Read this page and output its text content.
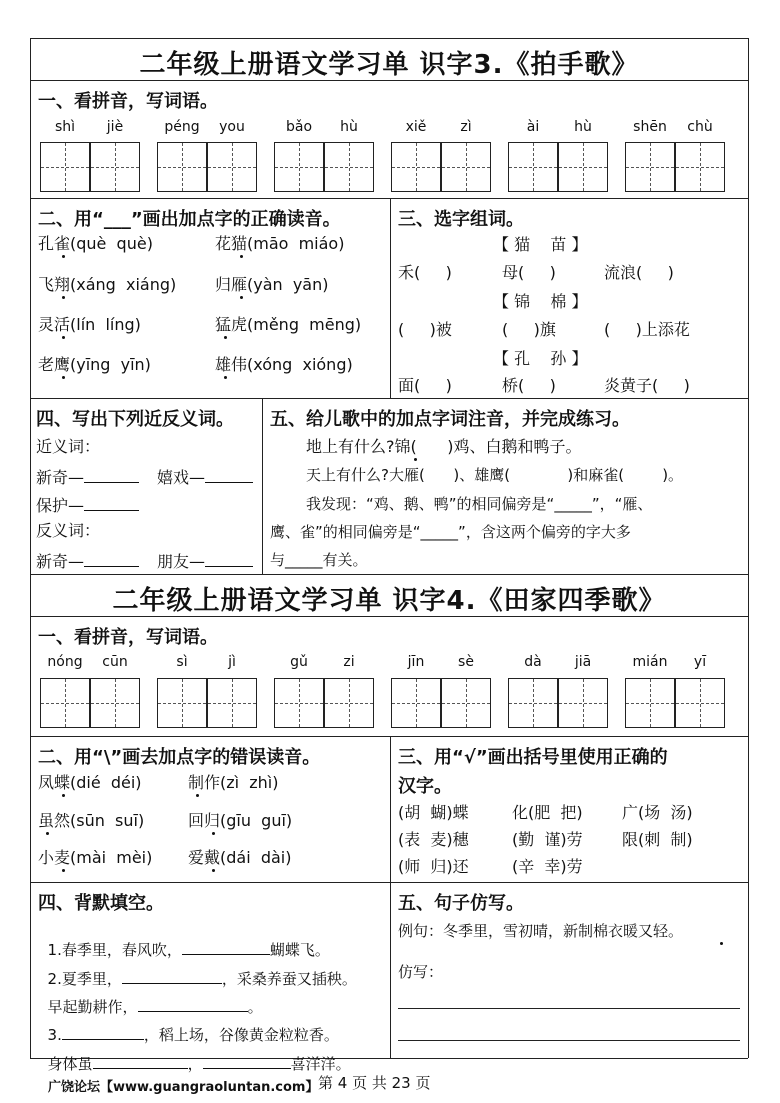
二年级上册语文学习单 识字3.《拍手歌》
一、看拼音，写词语。
shì	jiè	péng	you	bǎo	hù	xiě	zì	ài	hù	shēn	chù
二、用“___”画出加点字的正确读音。
孔雀(què  què)	花猫(māo  miáo)
飞翔(xáng  xiáng) 归雁(yàn  yān)
灵活(lín  líng)	猛虎(měng  mēng)
老鹰(yīng  yīn)	雄伟(xóng  xióng)
三、选字组词。
【 猫    苗 】
禾(     )	母(     )	流浪(     )
【 锦    棉 】
(     )被	(     )旗	(     )上添花
【 孔    孙 】
面(     )	桥(     )	炎黄子(     )
四、写出下列近反义词。
近义词：
新奇—	嬉戏—
保护—
反义词：
新奇—	朋友—
五、给儿歌中的加点字词注音，并完成练习。
地上有什么?锦(      )鸡、白鹅和鸭子。
天上有什么?大雁(      )、雄鹰(            )和麻雀(        )。
我发现：“鸡、鹅、鸭”的相同偏旁是“_____”，“雁、
鹰、雀”的相同偏旁是“_____”，含这两个偏旁的字大多
与_____有关。
二年级上册语文学习单 识字4.《田家四季歌》
一、看拼音，写词语。
nóng	cūn	sì	jì	gǔ	zi	jīn	sè	dà	jiā	mián	yī
二、用“\”画去加点字的错误读音。
凤蝶(dié  déi)	制作(zì  zhì)
虽然(sūn  suī)	回归(gīu  guī)
小麦(mài  mèi) 爱戴(dái  dài)
三、用“√”画出括号里使用正确的
汉字。
(胡  蝴)蝶	化(肥  把) 广(场  汤)
(表  麦)穗	(勤  谨)劳 限(刺  制)
(师  归)还	(辛  幸)劳
四、背默填空。

1.春季里，春风吹，	蝴蝶飞。

2.夏季里，	，采桑养蚕又插秧。

早起勤耕作，	。

3.	，稻上场，谷像黄金粒粒香。

身体虽	，	喜洋洋。

五、句子仿写。
例句：冬季里，雪初晴，新制棉衣暖又轻。
仿写：
广饶论坛【www.guangraoluntan.com】 第 4 页 共 23 页
